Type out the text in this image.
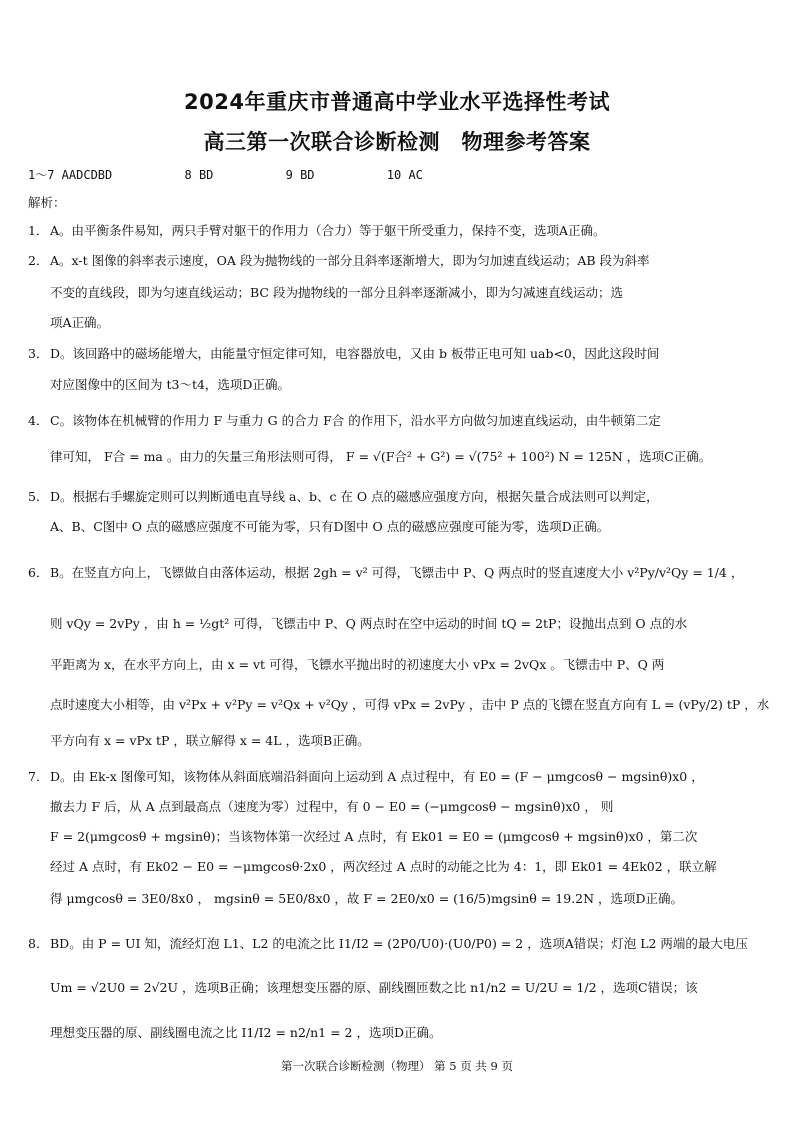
2024年重庆市普通高中学业水平选择性考试
高三第一次联合诊断检测　物理参考答案
1～7 AADCDBD          8 BD          9 BD          10 AC
解析：
1． A。由平衡条件易知，两只手臂对躯干的作用力（合力）等于躯干所受重力，保持不变，选项A正确。
2． A。x-t 图像的斜率表示速度，OA 段为抛物线的一部分且斜率逐渐增大，即为匀加速直线运动；AB 段为斜率
不变的直线段，即为匀速直线运动；BC 段为抛物线的一部分且斜率逐渐减小，即为匀减速直线运动；选
项A正确。
3． D。该回路中的磁场能增大，由能量守恒定律可知，电容器放电，又由 b 板带正电可知 uab<0，因此这段时间
对应图像中的区间为 t3～t4，选项D正确。
4． C。该物体在机械臂的作用力 F 与重力 G 的合力 F合 的作用下，沿水平方向做匀加速直线运动，由牛顿第二定
律可知， F合 = ma 。由力的矢量三角形法则可得， F = √(F合² + G²) = √(75² + 100²) N = 125N ，选项C正确。
5． D。根据右手螺旋定则可以判断通电直导线 a、b、c 在 O 点的磁感应强度方向，根据矢量合成法则可以判定，
A、B、C图中 O 点的磁感应强度不可能为零，只有D图中 O 点的磁感应强度可能为零，选项D正确。
6． B。在竖直方向上，飞镖做自由落体运动，根据 2gh = v² 可得，飞镖击中 P、Q 两点时的竖直速度大小 v²Py/v²Qy = 1/4 ，
则 vQy = 2vPy ，由 h = ½gt² 可得，飞镖击中 P、Q 两点时在空中运动的时间 tQ = 2tP；设抛出点到 O 点的水
平距离为 x，在水平方向上，由 x = vt 可得，飞镖水平抛出时的初速度大小 vPx = 2vQx 。飞镖击中 P、Q 两
点时速度大小相等，由 v²Px + v²Py = v²Qx + v²Qy ，可得 vPx = 2vPy ，击中 P 点的飞镖在竖直方向有 L = (vPy/2) tP ，水
平方向有 x = vPx tP ，联立解得 x = 4L ，选项B正确。
7． D。由 Ek-x 图像可知，该物体从斜面底端沿斜面向上运动到 A 点过程中，有 E0 = (F − μmgcosθ − mgsinθ)x0 ，
撤去力 F 后，从 A 点到最高点（速度为零）过程中，有 0 − E0 = (−μmgcosθ − mgsinθ)x0 ， 则
F = 2(μmgcosθ + mgsinθ)；当该物体第一次经过 A 点时，有 Ek01 = E0 = (μmgcosθ + mgsinθ)x0 ，第二次
经过 A 点时，有 Ek02 − E0 = −μmgcosθ·2x0 ，两次经过 A 点时的动能之比为 4：1，即 Ek01 = 4Ek02 ，联立解
得 μmgcosθ = 3E0/8x0 ， mgsinθ = 5E0/8x0 ，故 F = 2E0/x0 = (16/5)mgsinθ = 19.2N ，选项D正确。
8． BD。由 P = UI 知，流经灯泡 L1、L2 的电流之比 I1/I2 = (2P0/U0)·(U0/P0) = 2 ，选项A错误；灯泡 L2 两端的最大电压
Um = √2U0 = 2√2U ，选项B正确；该理想变压器的原、副线圈匝数之比 n1/n2 = U/2U = 1/2 ，选项C错误；该
理想变压器的原、副线圈电流之比 I1/I2 = n2/n1 = 2 ，选项D正确。
第一次联合诊断检测（物理） 第 5 页 共 9 页
